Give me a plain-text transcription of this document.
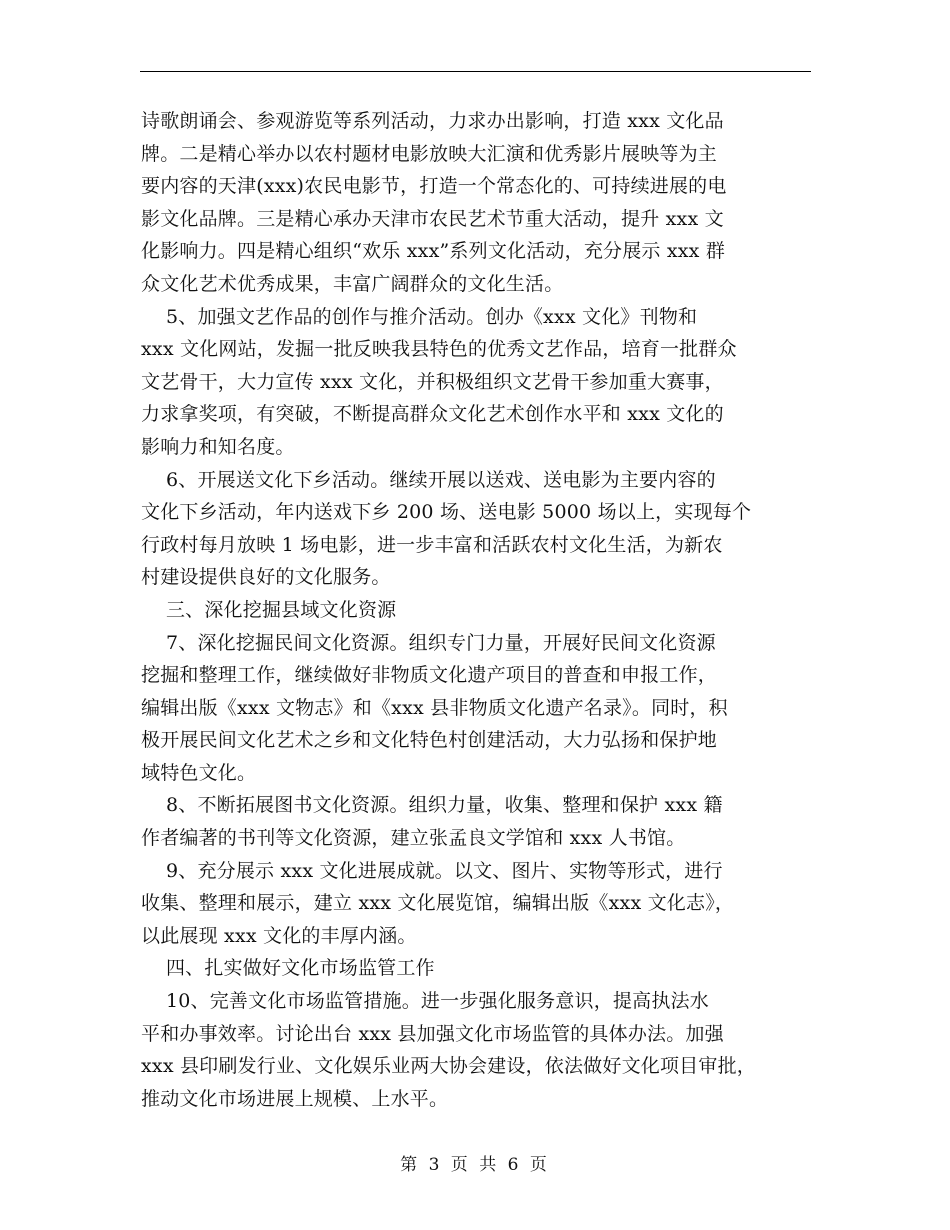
诗歌朗诵会、参观游览等系列活动，力求办出影响，打造 xxx 文化品
牌。二是精心举办以农村题材电影放映大汇演和优秀影片展映等为主
要内容的天津(xxx)农民电影节，打造一个常态化的、可持续进展的电
影文化品牌。三是精心承办天津市农民艺术节重大活动，提升 xxx 文
化影响力。四是精心组织“欢乐 xxx”系列文化活动，充分展示 xxx 群
众文化艺术优秀成果，丰富广阔群众的文化生活。
5、加强文艺作品的创作与推介活动。创办《xxx 文化》刊物和
xxx 文化网站，发掘一批反映我县特色的优秀文艺作品，培育一批群众
文艺骨干，大力宣传 xxx 文化，并积极组织文艺骨干参加重大赛事，
力求拿奖项，有突破，不断提高群众文化艺术创作水平和 xxx 文化的
影响力和知名度。
6、开展送文化下乡活动。继续开展以送戏、送电影为主要内容的
文化下乡活动，年内送戏下乡 200 场、送电影 5000 场以上，实现每个
行政村每月放映 1 场电影，进一步丰富和活跃农村文化生活，为新农
村建设提供良好的文化服务。
三、深化挖掘县域文化资源
7、深化挖掘民间文化资源。组织专门力量，开展好民间文化资源
挖掘和整理工作，继续做好非物质文化遗产项目的普查和申报工作，
编辑出版《xxx 文物志》和《xxx 县非物质文化遗产名录》。同时，积
极开展民间文化艺术之乡和文化特色村创建活动，大力弘扬和保护地
域特色文化。
8、不断拓展图书文化资源。组织力量，收集、整理和保护 xxx 籍
作者编著的书刊等文化资源，建立张孟良文学馆和 xxx 人书馆。
9、充分展示 xxx 文化进展成就。以文、图片、实物等形式，进行
收集、整理和展示，建立 xxx 文化展览馆，编辑出版《xxx 文化志》，
以此展现 xxx 文化的丰厚内涵。
四、扎实做好文化市场监管工作
10、完善文化市场监管措施。进一步强化服务意识，提高执法水
平和办事效率。讨论出台 xxx 县加强文化市场监管的具体办法。加强
xxx 县印刷发行业、文化娱乐业两大协会建设，依法做好文化项目审批，
推动文化市场进展上规模、上水平。
第 3 页 共 6 页
